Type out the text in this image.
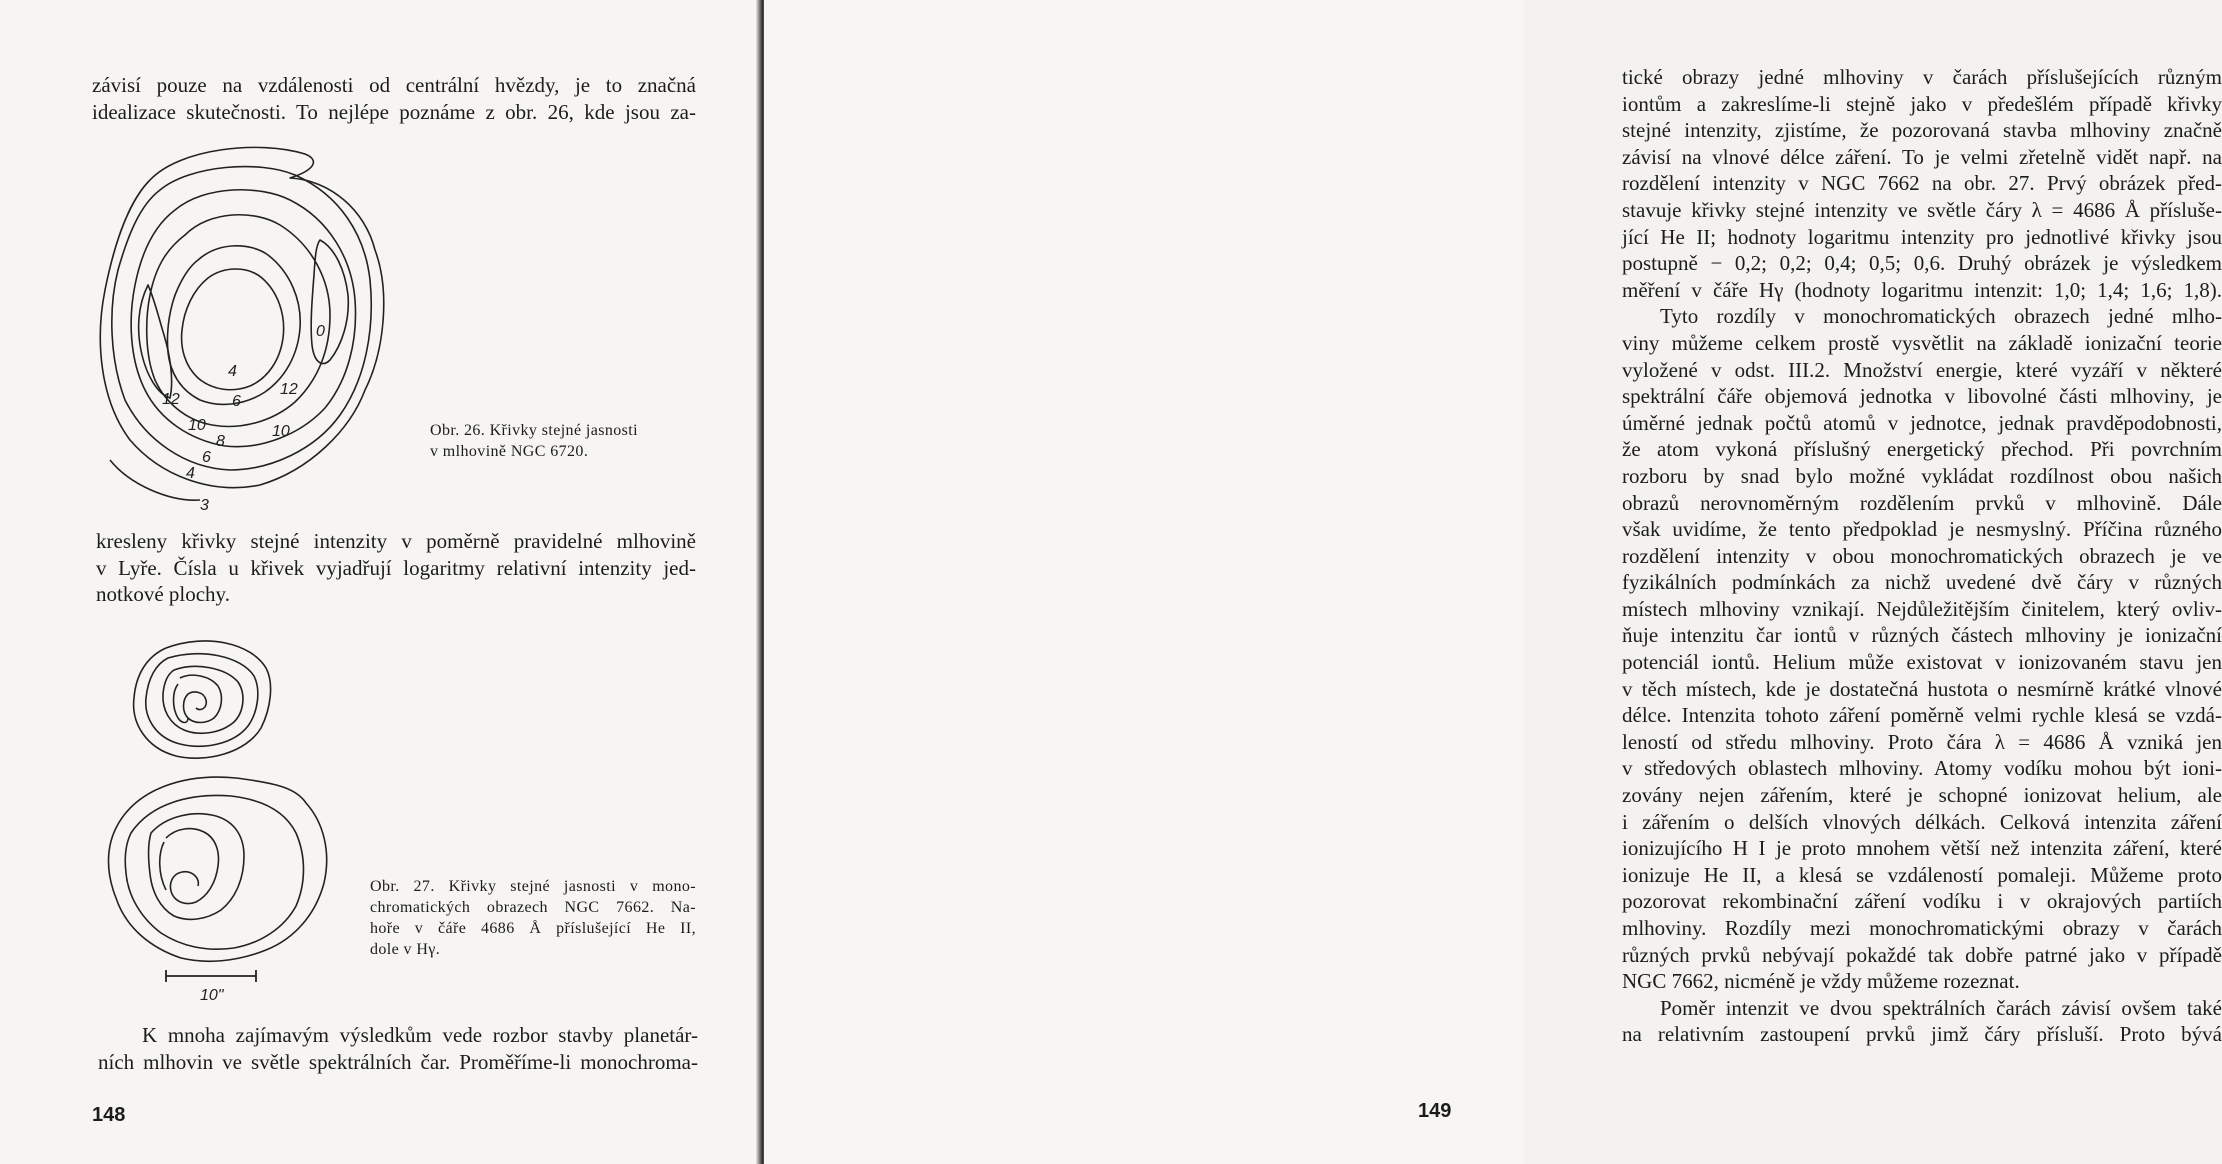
závisí pouze na vzdálenosti od centrální hvězdy, je to značná
idealizace skutečnosti. To nejlépe poznáme z obr. 26, kde jsou za-
0
4
6
12
12
10	10
8
6
4
3
Obr. 26. Křivky stejné jasnosti
v mlhovině NGC 6720.
kresleny křivky stejné intenzity v poměrně pravidelné mlhovině
v Lyře. Čísla u křivek vyjadřují logaritmy relativní intenzity jed-
notkové plochy.
10"
Obr. 27. Křivky stejné jasnosti v mono-
chromatických obrazech NGC 7662. Na-
hoře v čáře 4686 Å příslušející He II,
dole v Hγ.
K mnoha zajímavým výsledkům vede rozbor stavby planetár-
ních mlhovin ve světle spektrálních čar. Proměříme-li monochroma-
148
tické obrazy jedné mlhoviny v čarách příslušejících různým
iontům a zakreslíme-li stejně jako v předešlém případě křivky
stejné intenzity, zjistíme, že pozorovaná stavba mlhoviny značně
závisí na vlnové délce záření. To je velmi zřetelně vidět např. na
rozdělení intenzity v NGC 7662 na obr. 27. Prvý obrázek před-
stavuje křivky stejné intenzity ve světle čáry λ = 4686 Å přísluše-
jící He II; hodnoty logaritmu intenzity pro jednotlivé křivky jsou
postupně − 0,2; 0,2; 0,4; 0,5; 0,6. Druhý obrázek je výsledkem
měření v čáře Hγ (hodnoty logaritmu intenzit: 1,0; 1,4; 1,6; 1,8).
Tyto rozdíly v monochromatických obrazech jedné mlho-
viny můžeme celkem prostě vysvětlit na základě ionizační teorie
vyložené v odst. III.2. Množství energie, které vyzáří v některé
spektrální čáře objemová jednotka v libovolné části mlhoviny, je
úměrné jednak počtů atomů v jednotce, jednak pravděpodobnosti,
že atom vykoná příslušný energetický přechod. Při povrchním
rozboru by snad bylo možné vykládat rozdílnost obou našich
obrazů nerovnoměrným rozdělením prvků v mlhovině. Dále
však uvidíme, že tento předpoklad je nesmyslný. Příčina různého
rozdělení intenzity v obou monochromatických obrazech je ve
fyzikálních podmínkách za nichž uvedené dvě čáry v různých
místech mlhoviny vznikají. Nejdůležitějším činitelem, který ovliv-
ňuje intenzitu čar iontů v různých částech mlhoviny je ionizační
potenciál iontů. Helium může existovat v ionizovaném stavu jen
v těch místech, kde je dostatečná hustota o nesmírně krátké vlnové
délce. Intenzita tohoto záření poměrně velmi rychle klesá se vzdá-
leností od středu mlhoviny. Proto čára λ = 4686 Å vzniká jen
v středových oblastech mlhoviny. Atomy vodíku mohou být ioni-
zovány nejen zářením, které je schopné ionizovat helium, ale
i zářením o delších vlnových délkách. Celková intenzita záření
ionizujícího H I je proto mnohem větší než intenzita záření, které
ionizuje He II, a klesá se vzdáleností pomaleji. Můžeme proto
pozorovat rekombinační záření vodíku i v okrajových partiích
mlhoviny. Rozdíly mezi monochromatickými obrazy v čarách
různých prvků nebývají pokaždé tak dobře patrné jako v případě
NGC 7662, nicméně je vždy můžeme rozeznat.
Poměr intenzit ve dvou spektrálních čarách závisí ovšem také
na relativním zastoupení prvků jimž čáry přísluší. Proto bývá
149
